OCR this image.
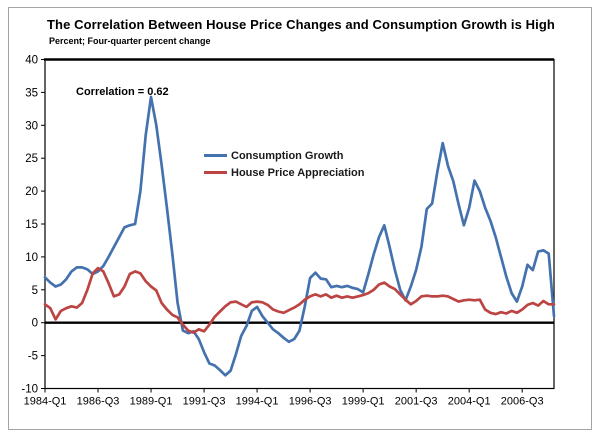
The Correlation Between House Price Changes and Consumption Growth is High
Percent; Four-quarter percent change
40
35
30
25
20
15
10
5
0
-5
-10
1984-Q1 1986-Q3 1989-Q1 1991-Q3 1994-Q1 1996-Q3 1999-Q1 2001-Q3 2004-Q1 2006-Q3
Correlation = 0.62
Consumption Growth
House Price Appreciation
